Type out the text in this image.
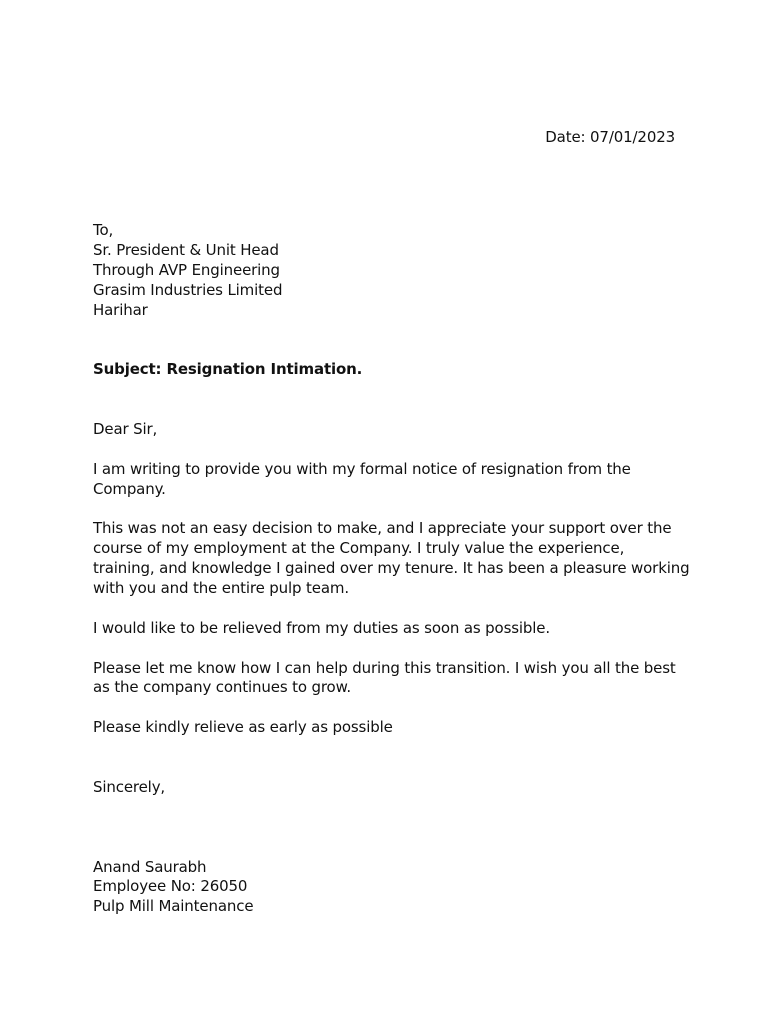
Date: 07/01/2023
To,
Sr. President & Unit Head
Through AVP Engineering
Grasim Industries Limited
Harihar
Subject: Resignation Intimation.
Dear Sir,
I am writing to provide you with my formal notice of resignation from the
Company.
This was not an easy decision to make, and I appreciate your support over the
course of my employment at the Company. I truly value the experience,
training, and knowledge I gained over my tenure. It has been a pleasure working
with you and the entire pulp team.
I would like to be relieved from my duties as soon as possible.
Please let me know how I can help during this transition. I wish you all the best
as the company continues to grow.
Please kindly relieve as early as possible
Sincerely,
Anand Saurabh
Employee No: 26050
Pulp Mill Maintenance
